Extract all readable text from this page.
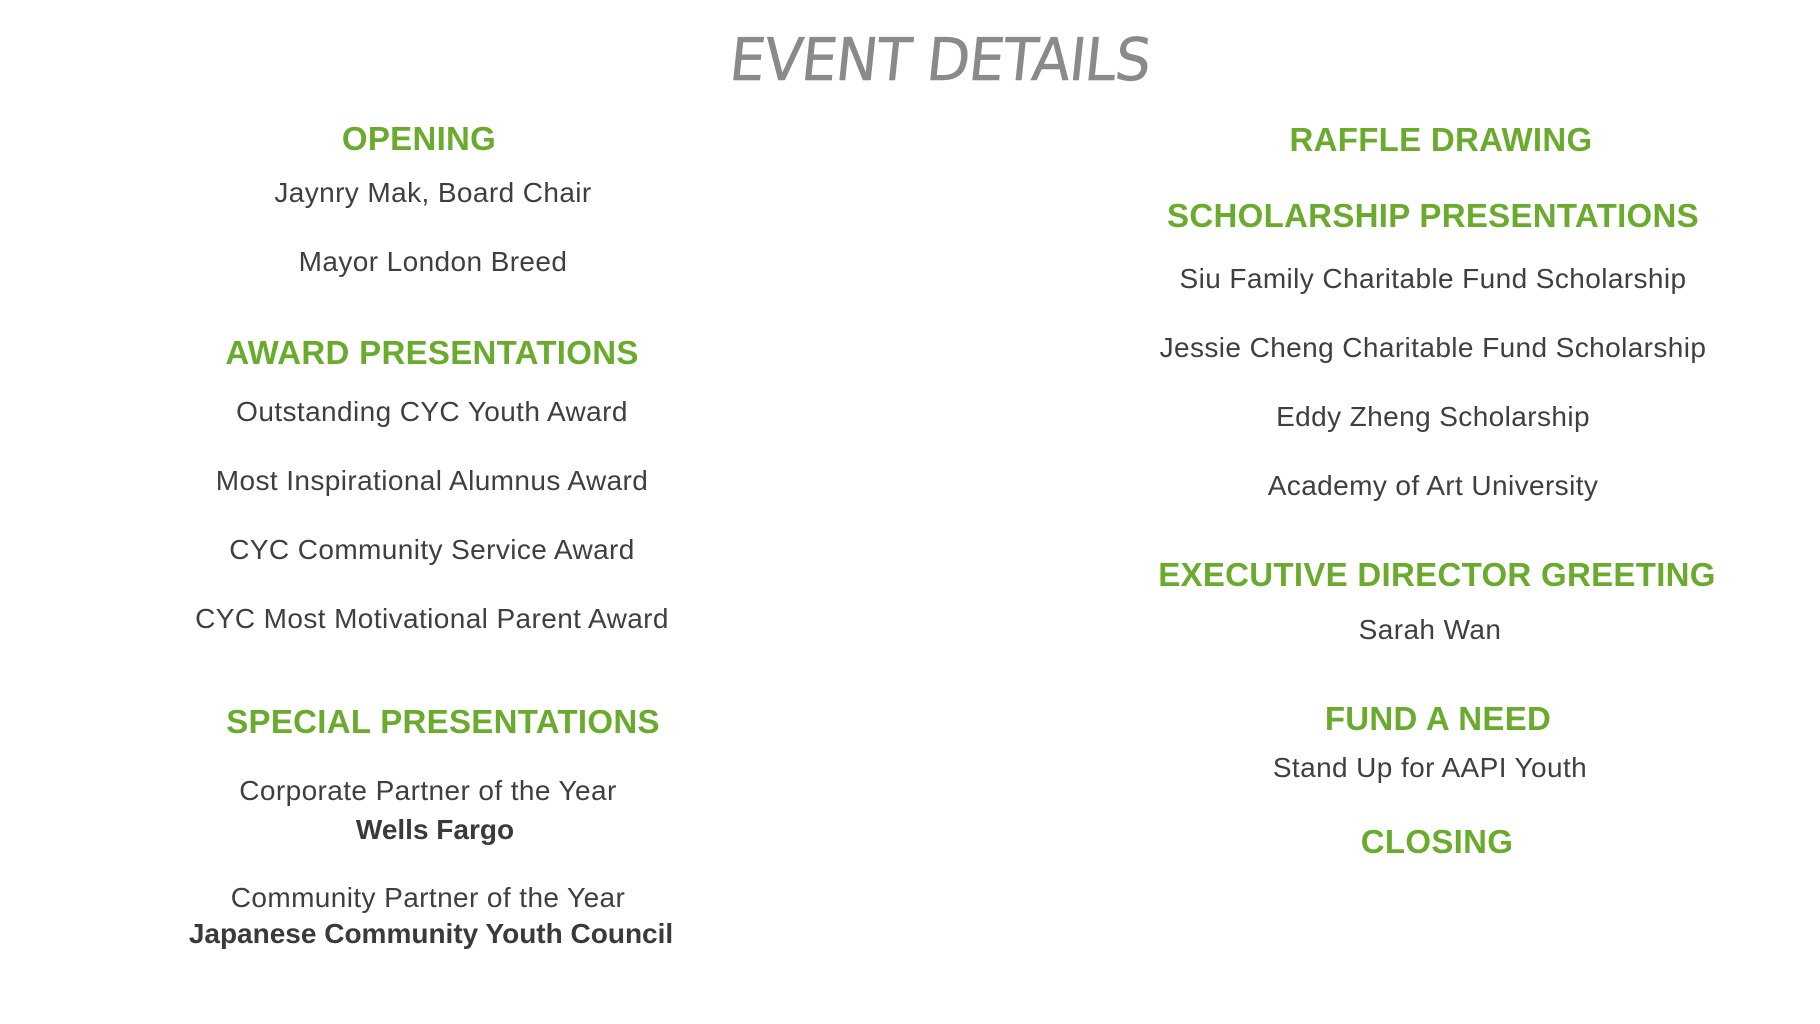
EVENT DETAILS
OPENING
Jaynry Mak, Board Chair
Mayor London Breed
AWARD PRESENTATIONS
Outstanding CYC Youth Award
Most Inspirational Alumnus Award
CYC Community Service Award
CYC Most Motivational Parent Award
SPECIAL PRESENTATIONS
Corporate Partner of the Year
Wells Fargo
Community Partner of the Year
Japanese Community Youth Council
RAFFLE DRAWING
SCHOLARSHIP PRESENTATIONS
Siu Family Charitable Fund Scholarship
Jessie Cheng Charitable Fund Scholarship
Eddy Zheng Scholarship
Academy of Art University
EXECUTIVE DIRECTOR GREETING
Sarah Wan
FUND A NEED
Stand Up for AAPI Youth
CLOSING
